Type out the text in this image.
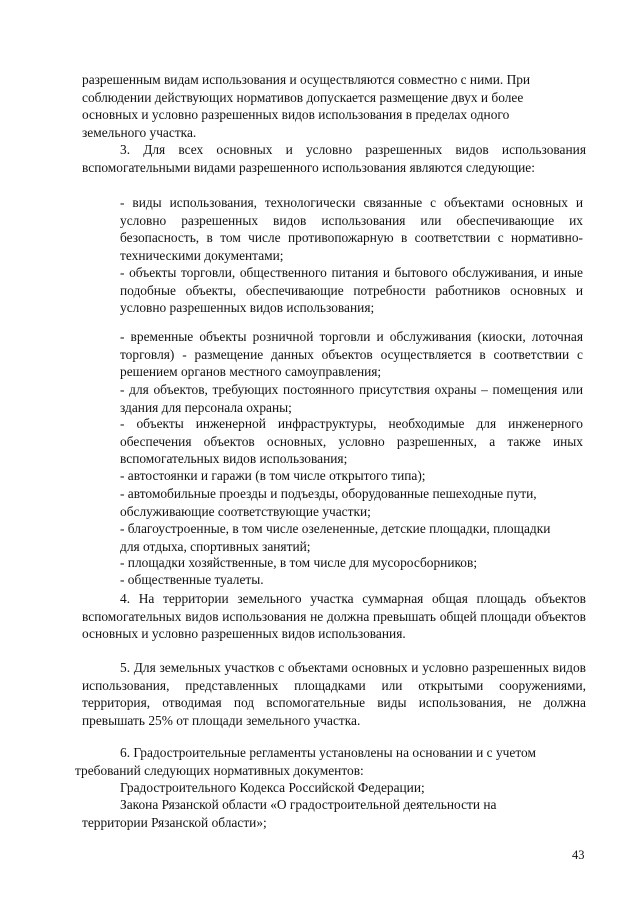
разрешенным видам использования и осуществляются совместно с ними. При соблюдении действующих нормативов допускается размещение двух и более основных и условно разрешенных видов использования в пределах одного земельного участка.

3. Для всех основных и условно разрешенных видов использования вспомогательными видами разрешенного использования являются следующие:

- виды использования, технологически связанные с объектами основных и условно разрешенных видов использования или обеспечивающие их безопасность, в том числе противопожарную в соответствии с нормативно-техническими документами;

- объекты торговли, общественного питания и бытового обслуживания, и иные подобные объекты, обеспечивающие потребности работников основных и условно разрешенных видов использования;

- временные объекты розничной торговли и обслуживания (киоски, лоточная торговля) - размещение данных объектов осуществляется в соответствии с решением органов местного самоуправления;

- для объектов, требующих постоянного присутствия охраны – помещения или здания для персонала охраны;

- объекты инженерной инфраструктуры, необходимые для инженерного обеспечения объектов основных, условно разрешенных, а также иных вспомогательных видов использования;

- автостоянки и гаражи (в том числе открытого типа);

- автомобильные проезды и подъезды, оборудованные пешеходные пути, обслуживающие соответствующие участки;

- благоустроенные, в том числе озелененные, детские площадки, площадки для отдыха, спортивных занятий;

- площадки хозяйственные, в том числе для мусоросборников;

- общественные туалеты.

4. На территории земельного участка суммарная общая площадь объектов вспомогательных видов использования не должна превышать общей площади объектов основных и условно разрешенных видов использования.

5. Для земельных участков с объектами основных и условно разрешенных видов использования, представленных площадками или открытыми сооружениями, территория, отводимая под вспомогательные виды использования, не должна превышать 25% от площади земельного участка.

6. Градостроительные регламенты установлены на основании и с учетом требований следующих нормативных документов:

Градостроительного Кодекса Российской Федерации;

Закона Рязанской области «О градостроительной деятельности на территории Рязанской области»;

43
